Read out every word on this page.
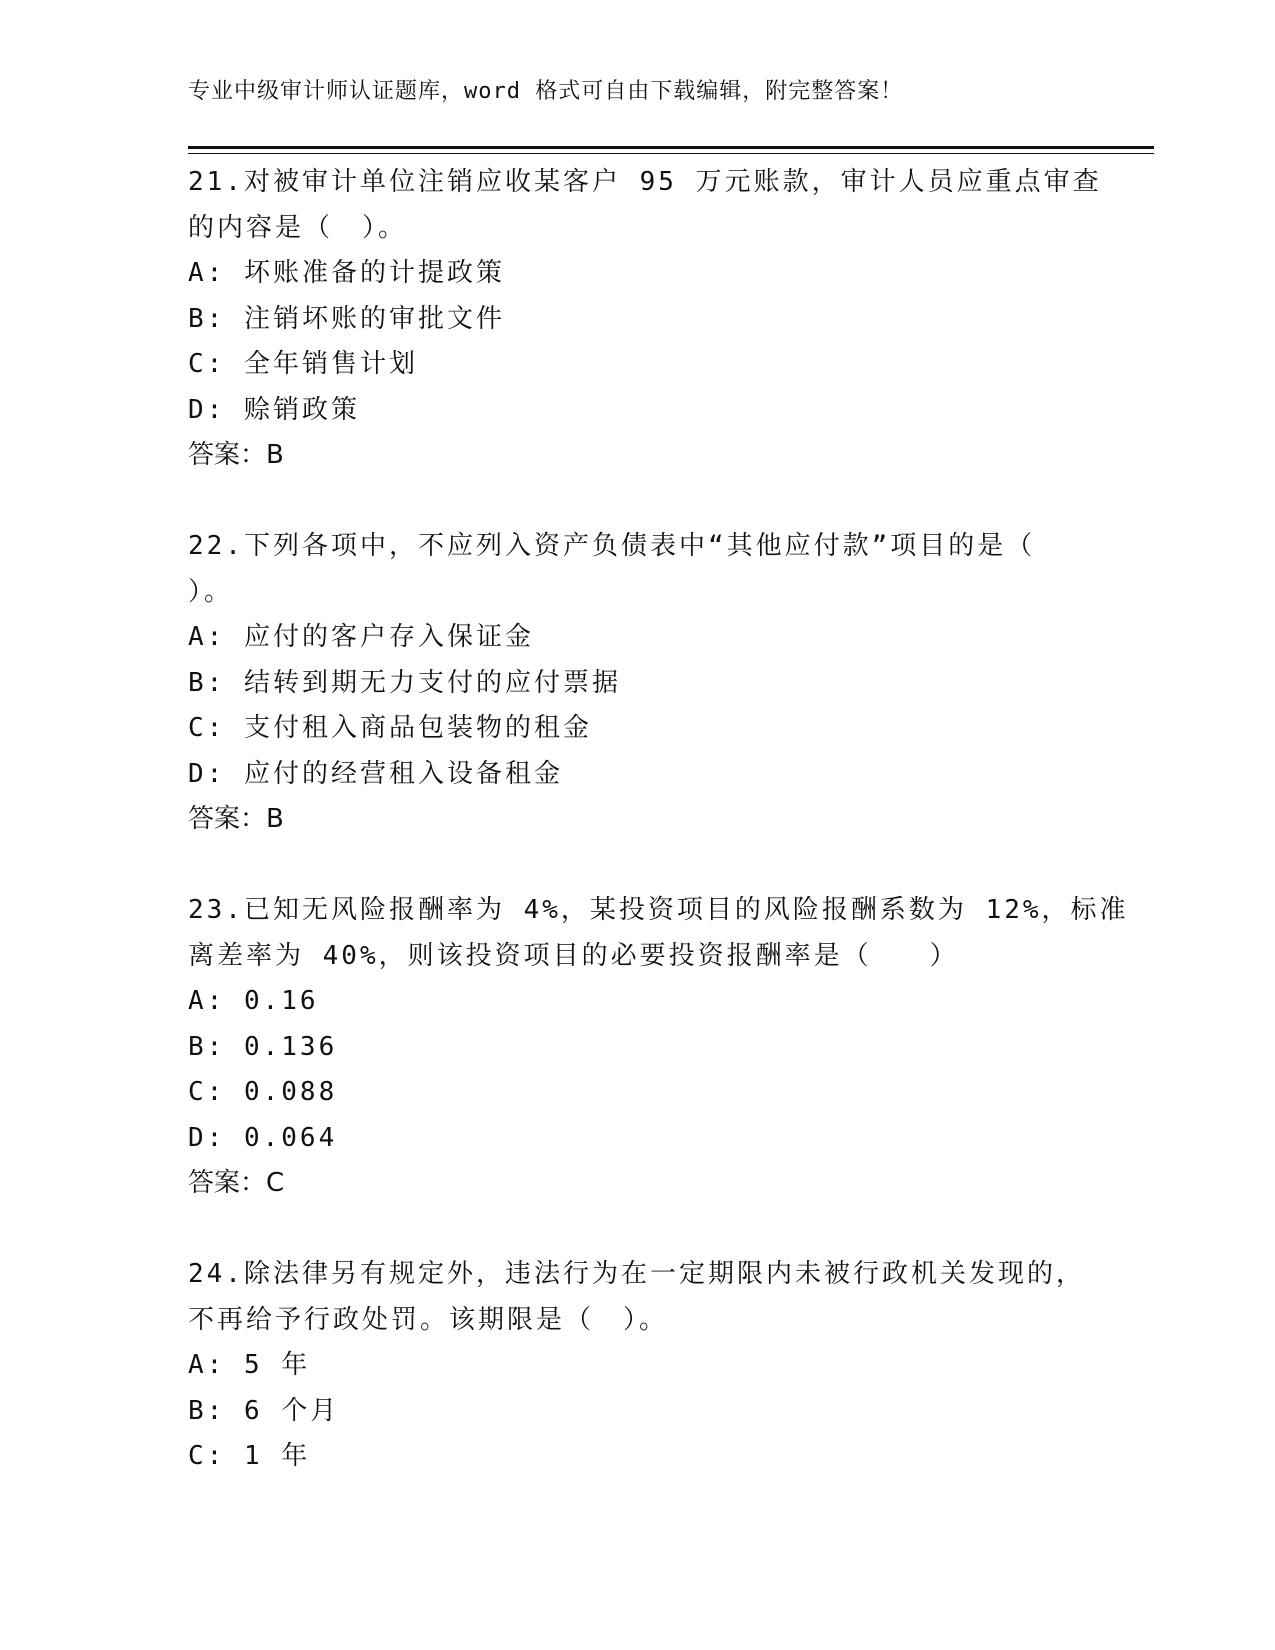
专业中级审计师认证题库，word 格式可自由下载编辑，附完整答案！
21.对被审计单位注销应收某客户 95 万元账款，审计人员应重点审查
的内容是（　）。
A: 坏账准备的计提政策
B: 注销坏账的审批文件
C: 全年销售计划
D: 赊销政策
答案：B
22.下列各项中，不应列入资产负债表中“其他应付款”项目的是（
）。
A: 应付的客户存入保证金
B: 结转到期无力支付的应付票据
C: 支付租入商品包装物的租金
D: 应付的经营租入设备租金
答案：B
23.已知无风险报酬率为 4%，某投资项目的风险报酬系数为 12%，标准
离差率为 40%，则该投资项目的必要投资报酬率是（　　）
A: 0.16
B: 0.136
C: 0.088
D: 0.064
答案：C
24.除法律另有规定外，违法行为在一定期限内未被行政机关发现的，
不再给予行政处罚。该期限是（　）。
A: 5 年
B: 6 个月
C: 1 年
